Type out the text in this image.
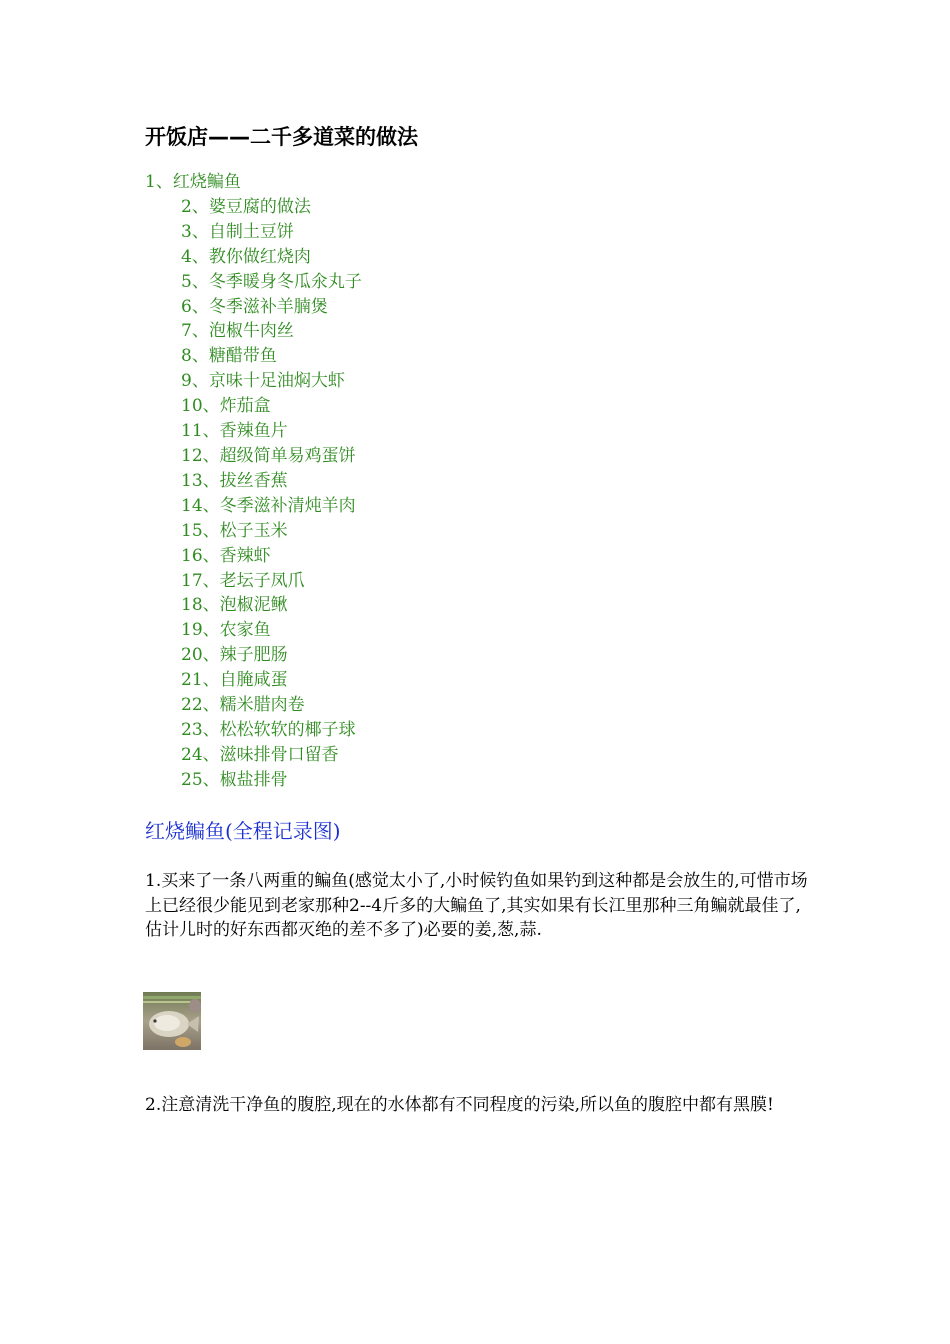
开饭店——二千多道菜的做法
1、红烧鳊鱼
2、婆豆腐的做法
3、自制土豆饼
4、教你做红烧肉
5、冬季暖身冬瓜氽丸子
6、冬季滋补羊腩煲
7、泡椒牛肉丝
8、糖醋带鱼
9、京味十足油焖大虾
10、炸茄盒
11、香辣鱼片
12、超级简单易鸡蛋饼
13、拔丝香蕉
14、冬季滋补清炖羊肉
15、松子玉米
16、香辣虾
17、老坛子凤爪
18、泡椒泥鳅
19、农家鱼
20、辣子肥肠
21、自腌咸蛋
22、糯米腊肉卷
23、松松软软的椰子球
24、滋味排骨口留香
25、椒盐排骨
红烧鳊鱼(全程记录图)
1.买来了一条八两重的鳊鱼(感觉太小了,小时候钓鱼如果钓到这种都是会放生的,可惜市场上已经很少能见到老家那种2--4斤多的大鳊鱼了,其实如果有长江里那种三角鳊就最佳了,估计儿时的好东西都灭绝的差不多了)必要的姜,葱,蒜.
2.注意清洗干净鱼的腹腔,现在的水体都有不同程度的污染,所以鱼的腹腔中都有黑膜!
